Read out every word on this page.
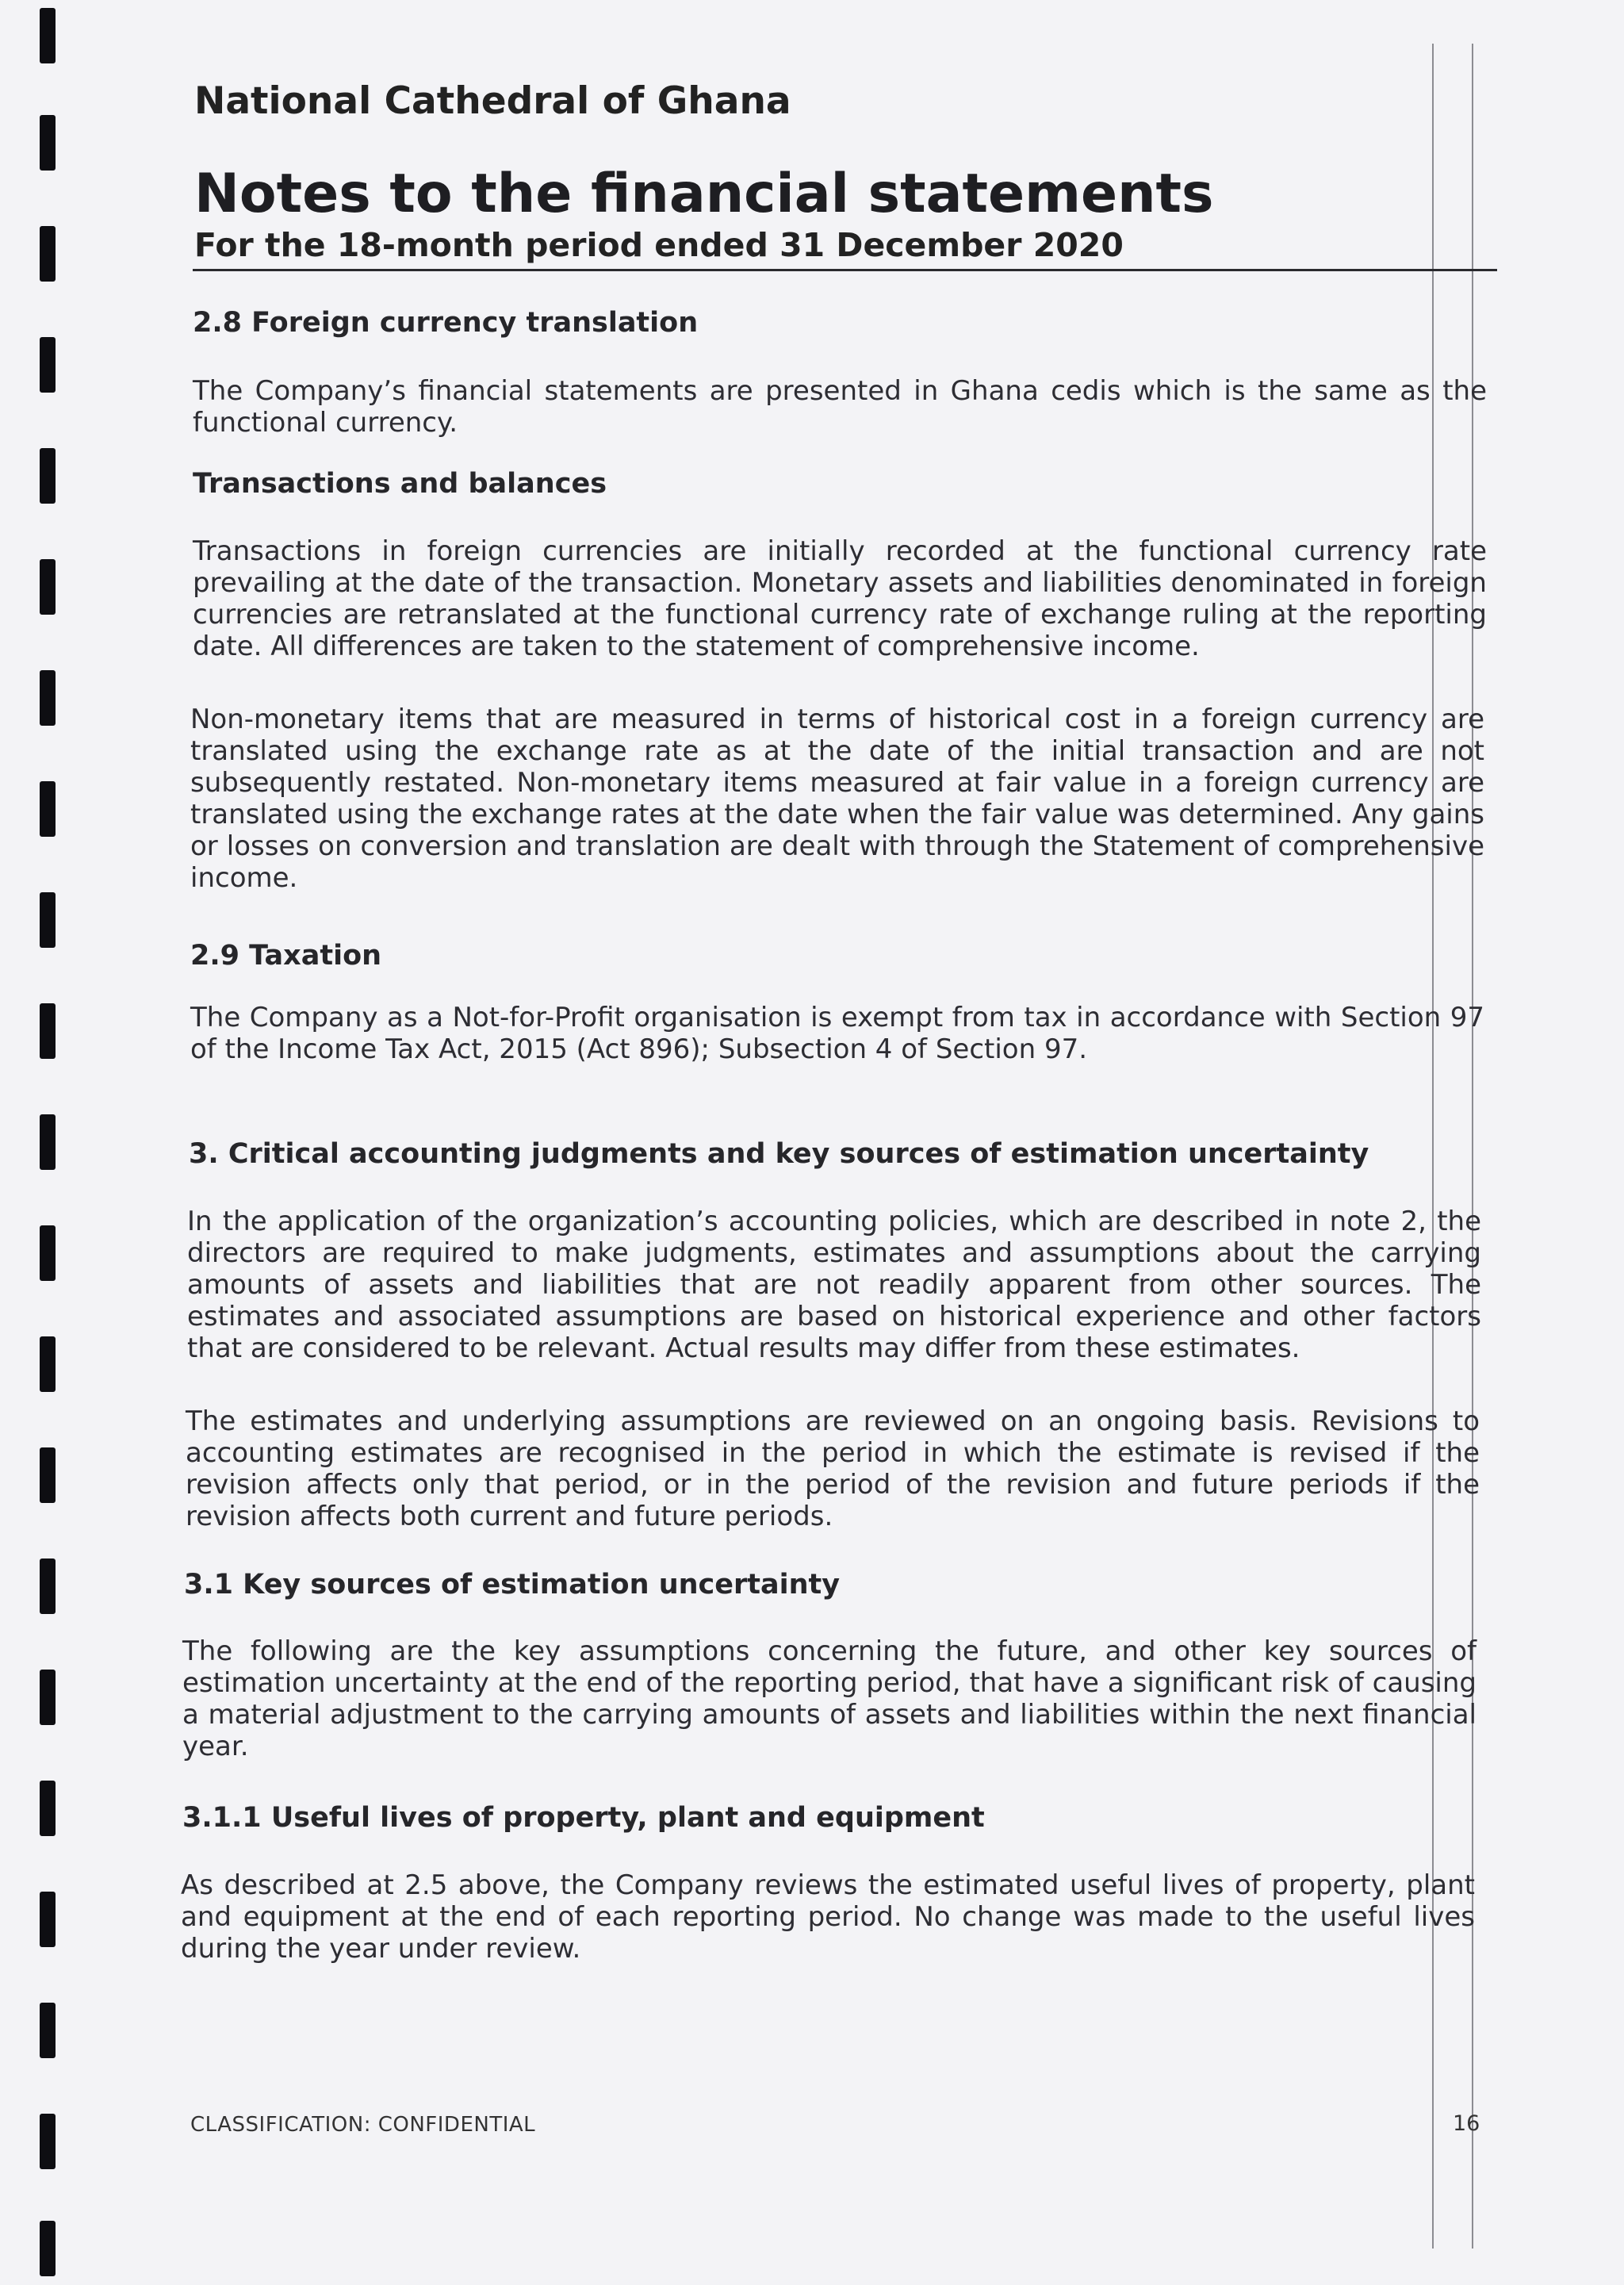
National Cathedral of Ghana
Notes to the financial statements
For the 18-month period ended 31 December 2020
2.8 Foreign currency translation

The Company’s financial statements are presented in Ghana cedis which is the same as the functional currency.

Transactions and balances

Transactions in foreign currencies are initially recorded at the functional currency rate prevailing at the date of the transaction. Monetary assets and liabilities denominated in foreign currencies are retranslated at the functional currency rate of exchange ruling at the reporting date. All differences are taken to the statement of comprehensive income.

Non-monetary items that are measured in terms of historical cost in a foreign currency are translated using the exchange rate as at the date of the initial transaction and are not subsequently restated. Non-monetary items measured at fair value in a foreign currency are translated using the exchange rates at the date when the fair value was determined. Any gains or losses on conversion and translation are dealt with through the Statement of comprehensive income.

2.9 Taxation

The Company as a Not-for-Profit organisation is exempt from tax in accordance with Section 97 of the Income Tax Act, 2015 (Act 896); Subsection 4 of Section 97.

3. Critical accounting judgments and key sources of estimation uncertainty

In the application of the organization’s accounting policies, which are described in note 2, the directors are required to make judgments, estimates and assumptions about the carrying amounts of assets and liabilities that are not readily apparent from other sources. The estimates and associated assumptions are based on historical experience and other factors that are considered to be relevant. Actual results may differ from these estimates.

The estimates and underlying assumptions are reviewed on an ongoing basis. Revisions to accounting estimates are recognised in the period in which the estimate is revised if the revision affects only that period, or in the period of the revision and future periods if the revision affects both current and future periods.

3.1 Key sources of estimation uncertainty

The following are the key assumptions concerning the future, and other key sources of estimation uncertainty at the end of the reporting period, that have a significant risk of causing a material adjustment to the carrying amounts of assets and liabilities within the next financial year.

3.1.1 Useful lives of property, plant and equipment

As described at 2.5 above, the Company reviews the estimated useful lives of property, plant and equipment at the end of each reporting period. No change was made to the useful lives during the year under review.

CLASSIFICATION: CONFIDENTIAL	16
